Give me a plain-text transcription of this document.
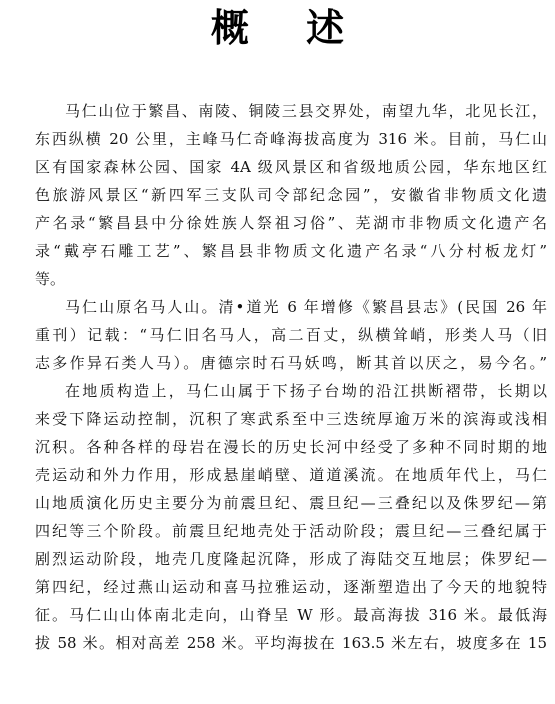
概 述
马仁山位于繁昌、南陵、铜陵三县交界处，南望九华，北见长江，
东西纵横 20 公里，主峰马仁奇峰海拔高度为 316 米。目前，马仁山
区有国家森林公园、国家 4A 级风景区和省级地质公园，华东地区红
色旅游风景区“新四军三支队司令部纪念园”，安徽省非物质文化遗
产名录“繁昌县中分徐姓族人祭祖习俗”、芜湖市非物质文化遗产名
录“戴亭石雕工艺”、繁昌县非物质文化遗产名录“八分村板龙灯”
等。
马仁山原名马人山。清•道光 6 年增修《繁昌县志》(民国 26 年
重刊）记载：“马仁旧名马人，高二百丈，纵横耸峭，形类人马（旧
志多作异石类人马）。唐德宗时石马妖鸣，断其首以厌之，易今名。”
在地质构造上，马仁山属于下扬子台坳的沿江拱断褶带，长期以
来受下降运动控制，沉积了寒武系至中三迭统厚逾万米的滨海或浅相
沉积。各种各样的母岩在漫长的历史长河中经受了多种不同时期的地
壳运动和外力作用，形成悬崖峭壁、道道溪流。在地质年代上，马仁
山地质演化历史主要分为前震旦纪、震旦纪—三叠纪以及侏罗纪—第
四纪等三个阶段。前震旦纪地壳处于活动阶段；震旦纪—三叠纪属于
剧烈运动阶段，地壳几度隆起沉降，形成了海陆交互地层；侏罗纪—
第四纪，经过燕山运动和喜马拉雅运动，逐渐塑造出了今天的地貌特
征。马仁山山体南北走向，山脊呈 W 形。最高海拔 316 米。最低海
拔 58 米。相对高差 258 米。平均海拔在 163.5 米左右，坡度多在 15
